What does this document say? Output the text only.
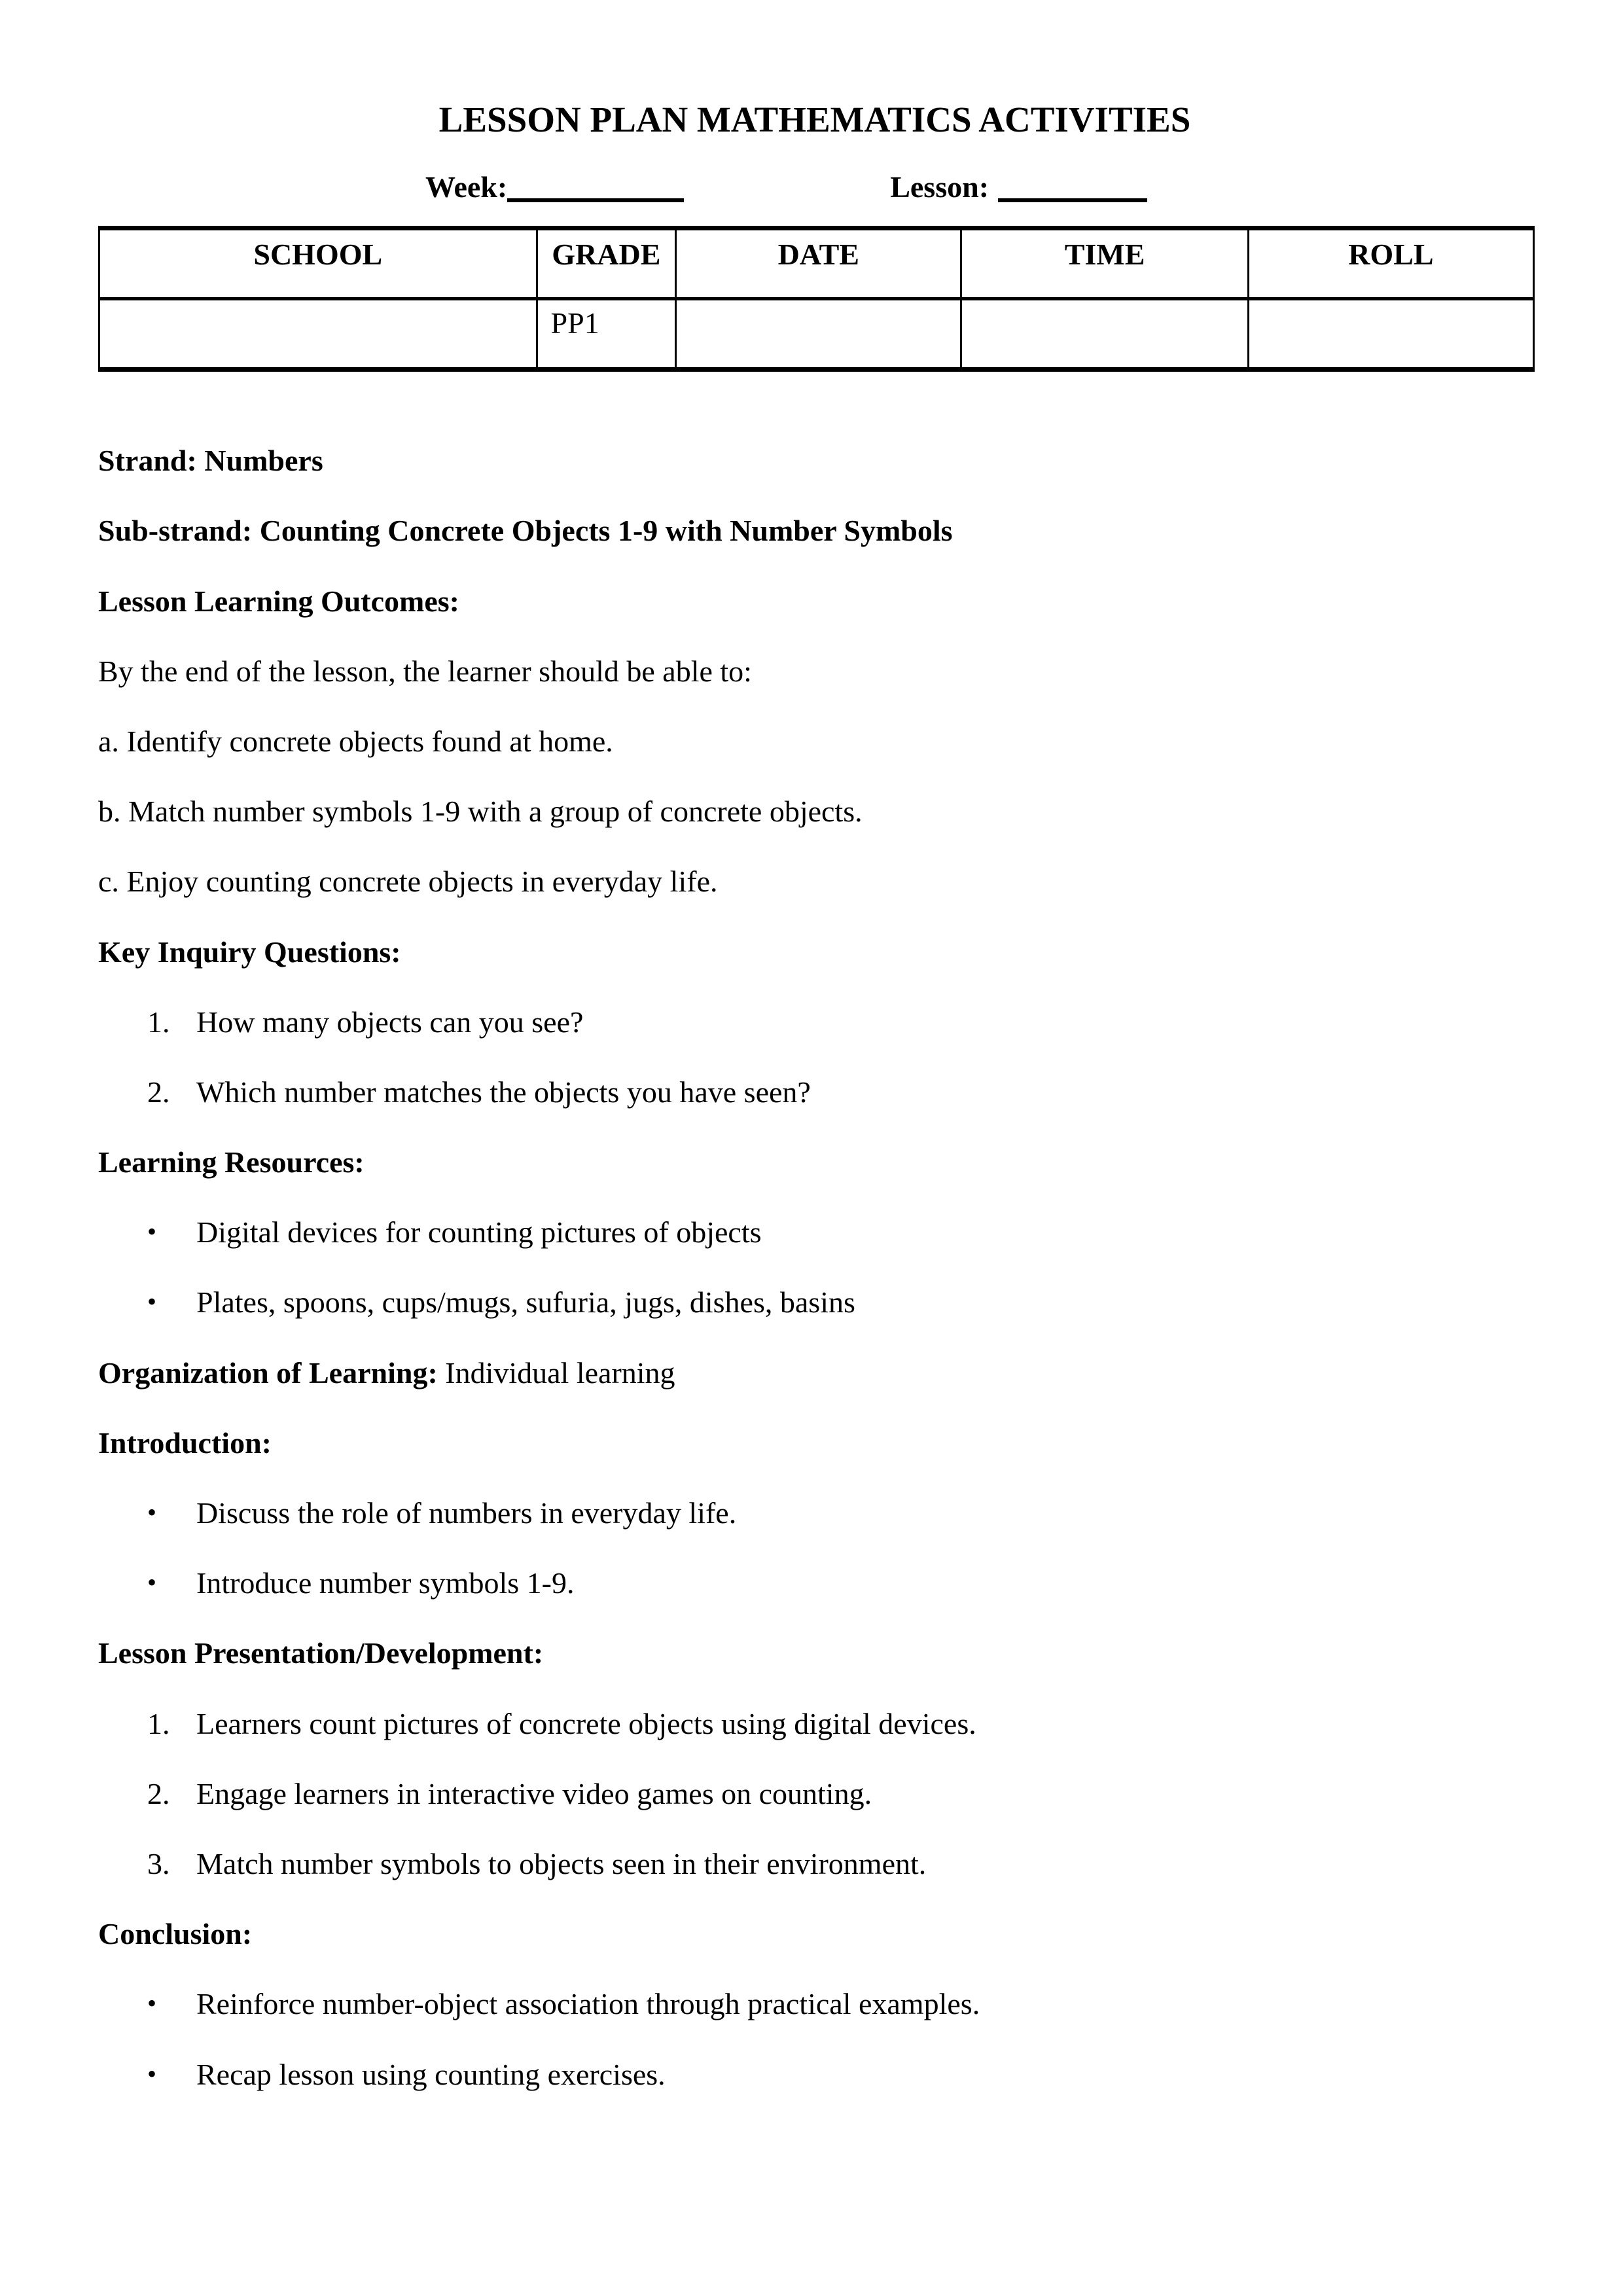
LESSON PLAN MATHEMATICS ACTIVITIES
Week:	Lesson:
SCHOOL	GRADE	DATE	TIME	ROLL
	PP1			
Strand: Numbers
Sub-strand: Counting Concrete Objects 1-9 with Number Symbols
Lesson Learning Outcomes:
By the end of the lesson, the learner should be able to:
a. Identify concrete objects found at home.
b. Match number symbols 1-9 with a group of concrete objects.
c. Enjoy counting concrete objects in everyday life.
Key Inquiry Questions:
1. How many objects can you see?
2. Which number matches the objects you have seen?
Learning Resources:
• Digital devices for counting pictures of objects
• Plates, spoons, cups/mugs, sufuria, jugs, dishes, basins
Organization of Learning: Individual learning
Introduction:
• Discuss the role of numbers in everyday life.
• Introduce number symbols 1-9.
Lesson Presentation/Development:
1. Learners count pictures of concrete objects using digital devices.
2. Engage learners in interactive video games on counting.
3. Match number symbols to objects seen in their environment.
Conclusion:
• Reinforce number-object association through practical examples.
• Recap lesson using counting exercises.
